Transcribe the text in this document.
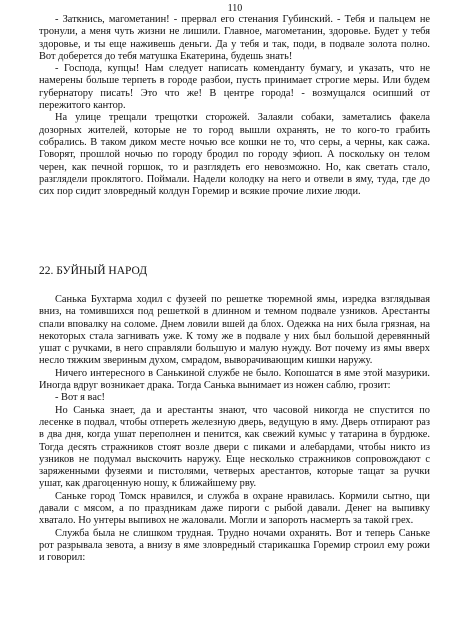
110

- Заткнись, магометанин! - прервал его стенания Губинский. - Тебя и пальцем не тронули, а меня чуть жизни не лишили. Главное, магометанин, здоровье. Будет у тебя здоровье, и ты еще наживешь деньги. Да у тебя и так, поди, в подвале золота полно. Вот доберется до тебя матушка Екатерина, будешь знать!

- Господа, купцы! Нам следует написать коменданту бумагу, и указать, что не намерены больше терпеть в городе разбои, пусть принимает строгие меры. Или будем губернатору писать! Это что же! В центре города! - возмущался осипший от пережитого кантор.

На улице трещали трещотки сторожей. Залаяли собаки, заметались факела дозорных жителей, которые не то город вышли охранять, не то кого-то грабить собрались. В таком диком месте ночью все кошки не то, что серы, а черны, как сажа. Говорят, прошлой ночью по городу бродил по городу эфиоп. А поскольку он телом черен, как печной горшок, то и разглядеть его невозможно. Но, как светать стало, разглядели проклятого. Поймали. Надели колодку на него и отвели в яму, туда, где до сих пор сидит зловредный колдун Горемир и всякие прочие лихие люди.

22. БУЙНЫЙ НАРОД

Санька Бухтарма ходил с фузеей по решетке тюремной ямы, изредка взглядывая вниз, на томившихся под решеткой в длинном и темном подвале узников. Арестанты спали вповалку на соломе. Днем ловили вшей да блох. Одежка на них была грязная, на некоторых стала загнивать уже. К тому же в подвале у них был большой деревянный ушат с ручками, в него справляли большую и малую нужду. Вот почему из ямы вверх несло тяжким звериным духом, смрадом, выворачивающим кишки наружу.

Ничего интересного в Санькиной службе не было. Копошатся в яме этой мазурики. Иногда вдруг возникает драка. Тогда Санька вынимает из ножен саблю, грозит:

- Вот я вас!

Но Санька знает, да и арестанты знают, что часовой никогда не спустится по лесенке в подвал, чтобы отпереть железную дверь, ведущую в яму. Дверь отпирают раз в два дня, когда ушат переполнен и пенится, как свежий кумыс у татарина в бурдюке. Тогда десять стражников стоят возле двери с пиками и алебардами, чтобы никто из узников не подумал выскочить наружу. Еще несколько стражников сопровождают с заряженными фузеями и пистолями, четверых арестантов, которые тащат за ручки ушат, как драгоценную ношу, к ближайшему рву.

Саньке город Томск нравился, и служба в охране нравилась. Кормили сытно, щи давали с мясом, а по праздникам даже пироги с рыбой давали. Денег на выпивку хватало. Но унтеры выпивох не жаловали. Могли и запороть насмерть за такой грех.

Служба была не слишком трудная. Трудно ночами охранять. Вот и теперь Саньке рот разрывала зевота, а внизу в яме зловредный старикашка Горемир строил ему рожи и говорил:
